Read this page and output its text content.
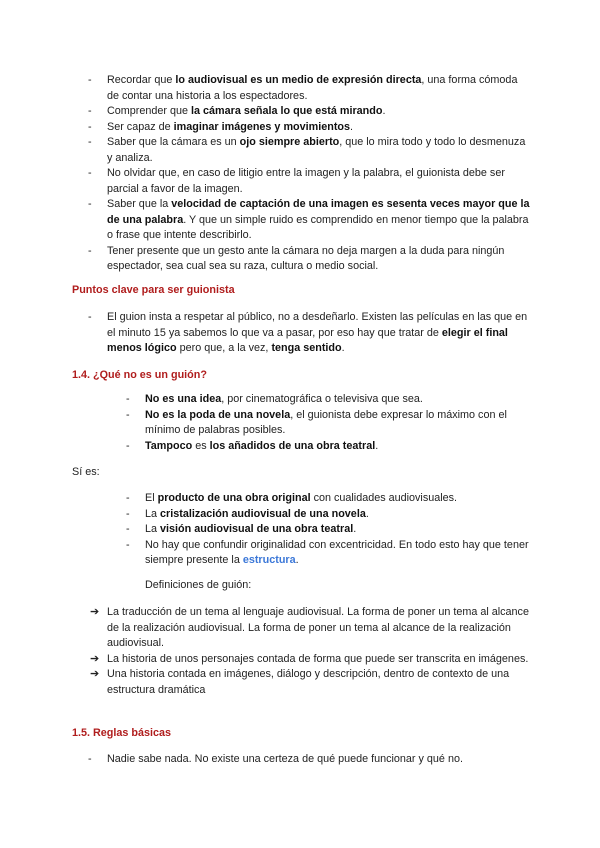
- Recordar que lo audiovisual es un medio de expresión directa, una forma cómoda de contar una historia a los espectadores.
- Comprender que la cámara señala lo que está mirando.
- Ser capaz de imaginar imágenes y movimientos.
- Saber que la cámara es un ojo siempre abierto, que lo mira todo y todo lo desmenuza y analiza.
- No olvidar que, en caso de litigio entre la imagen y la palabra, el guionista debe ser parcial a favor de la imagen.
- Saber que la velocidad de captación de una imagen es sesenta veces mayor que la de una palabra. Y que un simple ruido es comprendido en menor tiempo que la palabra o frase que intente describirlo.
- Tener presente que un gesto ante la cámara no deja margen a la duda para ningún espectador, sea cual sea su raza, cultura o medio social.
Puntos clave para ser guionista
- El guion insta a respetar al público, no a desdeñarlo. Existen las películas en las que en el minuto 15 ya sabemos lo que va a pasar, por eso hay que tratar de elegir el final menos lógico pero que, a la vez, tenga sentido.
1.4. ¿Qué no es un guión?
- No es una idea, por cinematográfica o televisiva que sea.
- No es la poda de una novela, el guionista debe expresar lo máximo con el mínimo de palabras posibles.
- Tampoco es los añadidos de una obra teatral.
Sí es:
- El producto de una obra original con cualidades audiovisuales.
- La cristalización audiovisual de una novela.
- La visión audiovisual de una obra teatral.
- No hay que confundir originalidad con excentricidad. En todo esto hay que tener siempre presente la estructura.
Definiciones de guión:
➔ La traducción de un tema al lenguaje audiovisual. La forma de poner un tema al alcance de la realización audiovisual. La forma de poner un tema al alcance de la realización audiovisual.
➔ La historia de unos personajes contada de forma que puede ser transcrita en imágenes.
➔ Una historia contada en imágenes, diálogo y descripción, dentro de contexto de una estructura dramática
1.5. Reglas básicas
- Nadie sabe nada. No existe una certeza de qué puede funcionar y qué no.
